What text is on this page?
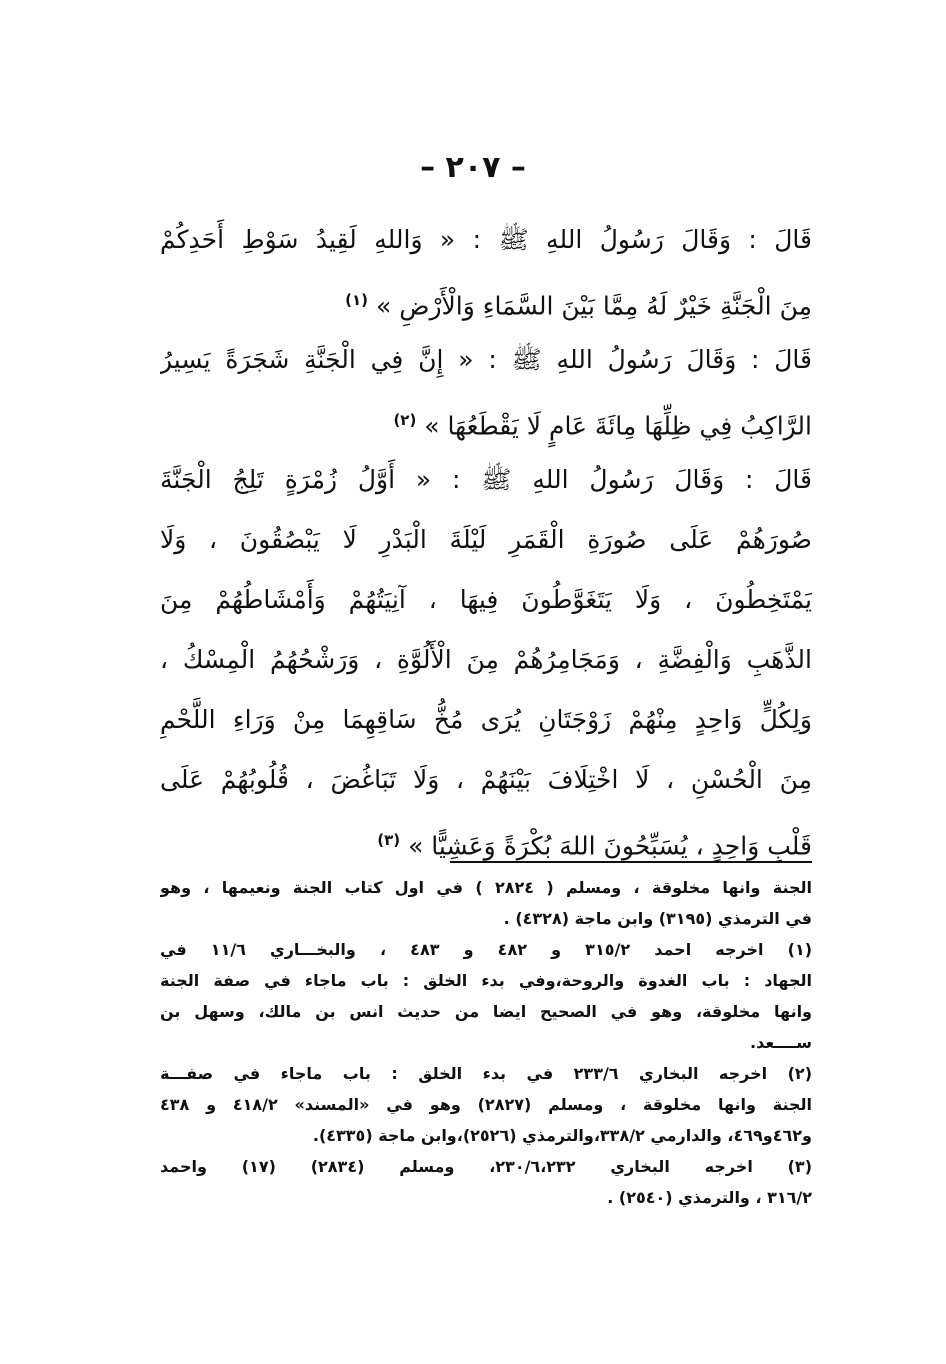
– ٢٠٧ –

قَالَ : وَقَالَ رَسُولُ اللهِ ﷺ : « وَاللهِ لَقِيدُ سَوْطِ أَحَدِكُمْ
مِنَ الْجَنَّةِ خَيْرٌ لَهُ مِمَّا بَيْنَ السَّمَاءِ وَالْأَرْضِ » $^{(١)}$

قَالَ : وَقَالَ رَسُولُ اللهِ ﷺ : « إِنَّ فِي الْجَنَّةِ شَجَرَةً يَسِيرُ
الرَّاكِبُ فِي ظِلِّهَا مِائَةَ عَامٍ لَا يَقْطَعُهَا » $^{(٢)}$

قَالَ : وَقَالَ رَسُولُ اللهِ ﷺ : « أَوَّلُ زُمْرَةٍ تَلِجُ الْجَنَّةَ
صُورَهُمْ عَلَى صُورَةِ الْقَمَرِ لَيْلَةَ الْبَدْرِ لَا يَبْصُقُونَ ، وَلَا
يَمْتَخِطُونَ ، وَلَا يَتَغَوَّطُونَ فِيهَا ، آنِيَتُهُمْ وَأَمْشَاطُهُمْ مِنَ
الذَّهَبِ وَالْفِضَّةِ ، وَمَجَامِرُهُمْ مِنَ الْأَلُوَّةِ ، وَرَشْحُهُمُ الْمِسْكُ ،
وَلِكُلٍّ وَاحِدٍ مِنْهُمْ زَوْجَتَانِ يُرَى مُخُّ سَاقِهِمَا مِنْ وَرَاءِ اللَّحْمِ
مِنَ الْحُسْنِ ، لَا اخْتِلَافَ بَيْنَهُمْ ، وَلَا تَبَاغُضَ ، قُلُوبُهُمْ عَلَى
قَلْبِ وَاحِدٍ ، يُسَبِّحُونَ اللهَ بُكْرَةً وَعَشِيًّا » $^{(٣)}$

الجنة وانها مخلوقة ، ومسلم ( ٢٨٢٤ ) في اول كتاب الجنة ونعيمها ، وهو
في الترمذي (٣١٩٥) وابن ماجة (٤٣٢٨) .
(١) اخرجه احمد ٣١٥/٢ و ٤٨٢ و ٤٨٣ ، والبخـــاري ١١/٦ في
الجهاد : باب الغدوة والروحة،وفي بدء الخلق : باب ماجاء في صفة الجنة
وانها مخلوقة، وهو في الصحيح ايضا من حديث انس بن مالك، وسهل بن
ســــعد.
(٢) اخرجه البخاري ٢٣٣/٦ في بدء الخلق : باب ماجاء في صفـــة
الجنة وانها مخلوقة ، ومسلم (٢٨٢٧) وهو في «المسند» ٤١٨/٢ و ٤٣٨
و٤٦٢و٤٦٩، والدارمي ٣٣٨/٢،والترمذي (٢٥٢٦)،وابن ماجة (٤٣٣٥).
(٣) اخرجه البخاري ٢٣٠/٦،٢٣٢، ومسلم (٢٨٣٤) (١٧) واحمد
٣١٦/٢ ، والترمذي (٢٥٤٠) .
